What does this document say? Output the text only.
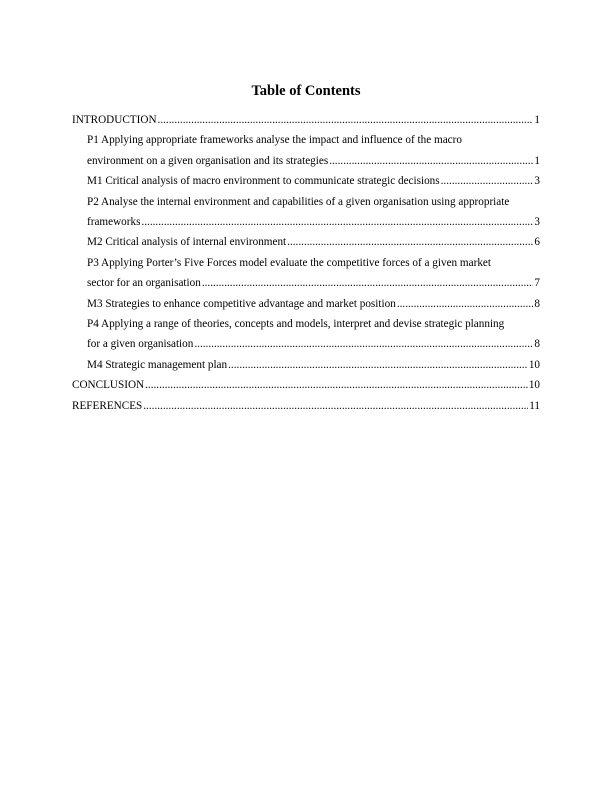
Table of Contents
INTRODUCTION .....	1
P1 Applying appropriate frameworks analyse the impact and influence of the macro
environment on a given organisation and its strategies .....	1
M1 Critical analysis of macro environment to communicate strategic decisions .....	3
P2 Analyse the internal environment and capabilities of a given organisation using appropriate
frameworks .....	3
M2 Critical analysis of internal environment .....	6
P3 Applying Porter’s Five Forces model evaluate the competitive forces of a given market
sector for an organisation .....	7
M3 Strategies to enhance competitive advantage and market position .....	8
P4 Applying a range of theories, concepts and models, interpret and devise strategic planning
for a given organisation .....	8
M4 Strategic management plan .....	10
CONCLUSION .....	10
REFERENCES .....	11
